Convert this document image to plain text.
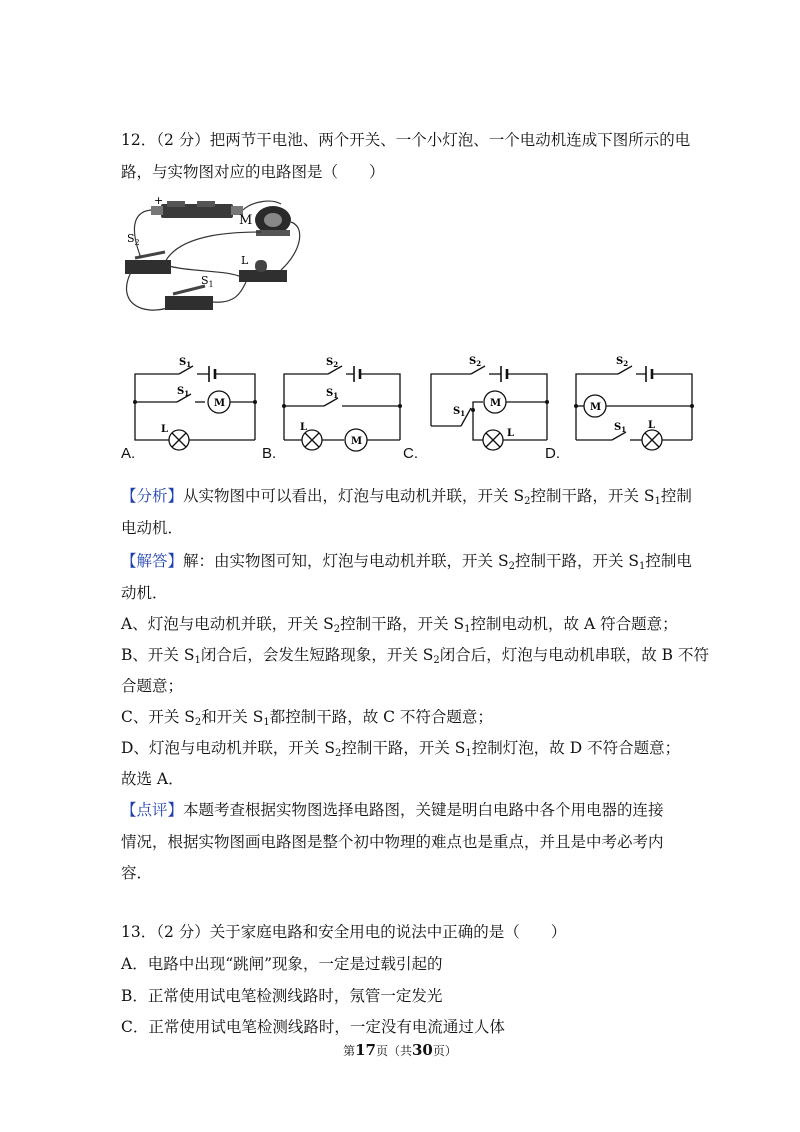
12．（2 分）把两节干电池、两个开关、一个小灯泡、一个电动机连成下图所示的电
路，与实物图对应的电路图是（　　）
+
M
$S_2$
L
$S_1$
$S_1$
$S_1$
M
L
$S_2$
$S_1$
M
L
$S_2$
$S_1$
M
L
$S_2$
$S_1$
M
L
A.	B.	C.	D.
【分析】从实物图中可以看出，灯泡与电动机并联，开关 $S_2$控制干路，开关 $S_1$控制
电动机．
【解答】解：由实物图可知，灯泡与电动机并联，开关 $S_2$控制干路，开关 $S_1$控制电
动机．
A、灯泡与电动机并联，开关 $S_2$控制干路，开关 $S_1$控制电动机，故 A 符合题意；
B、开关 $S_1$闭合后，会发生短路现象，开关 $S_2$闭合后，灯泡与电动机串联，故 B 不符
合题意；
C、开关 $S_2$和开关 $S_1$都控制干路，故 C 不符合题意；
D、灯泡与电动机并联，开关 $S_2$控制干路，开关 $S_1$控制灯泡，故 D 不符合题意；
故选 A．
【点评】本题考查根据实物图选择电路图，关键是明白电路中各个用电器的连接
情况，根据实物图画电路图是整个初中物理的难点也是重点，并且是中考必考内
容．
13．（2 分）关于家庭电路和安全用电的说法中正确的是（　　）
A．电路中出现“跳闸”现象，一定是过载引起的
B．正常使用试电笔检测线路时，氖管一定发光
C．正常使用试电笔检测线路时，一定没有电流通过人体
第17页（共30页）
